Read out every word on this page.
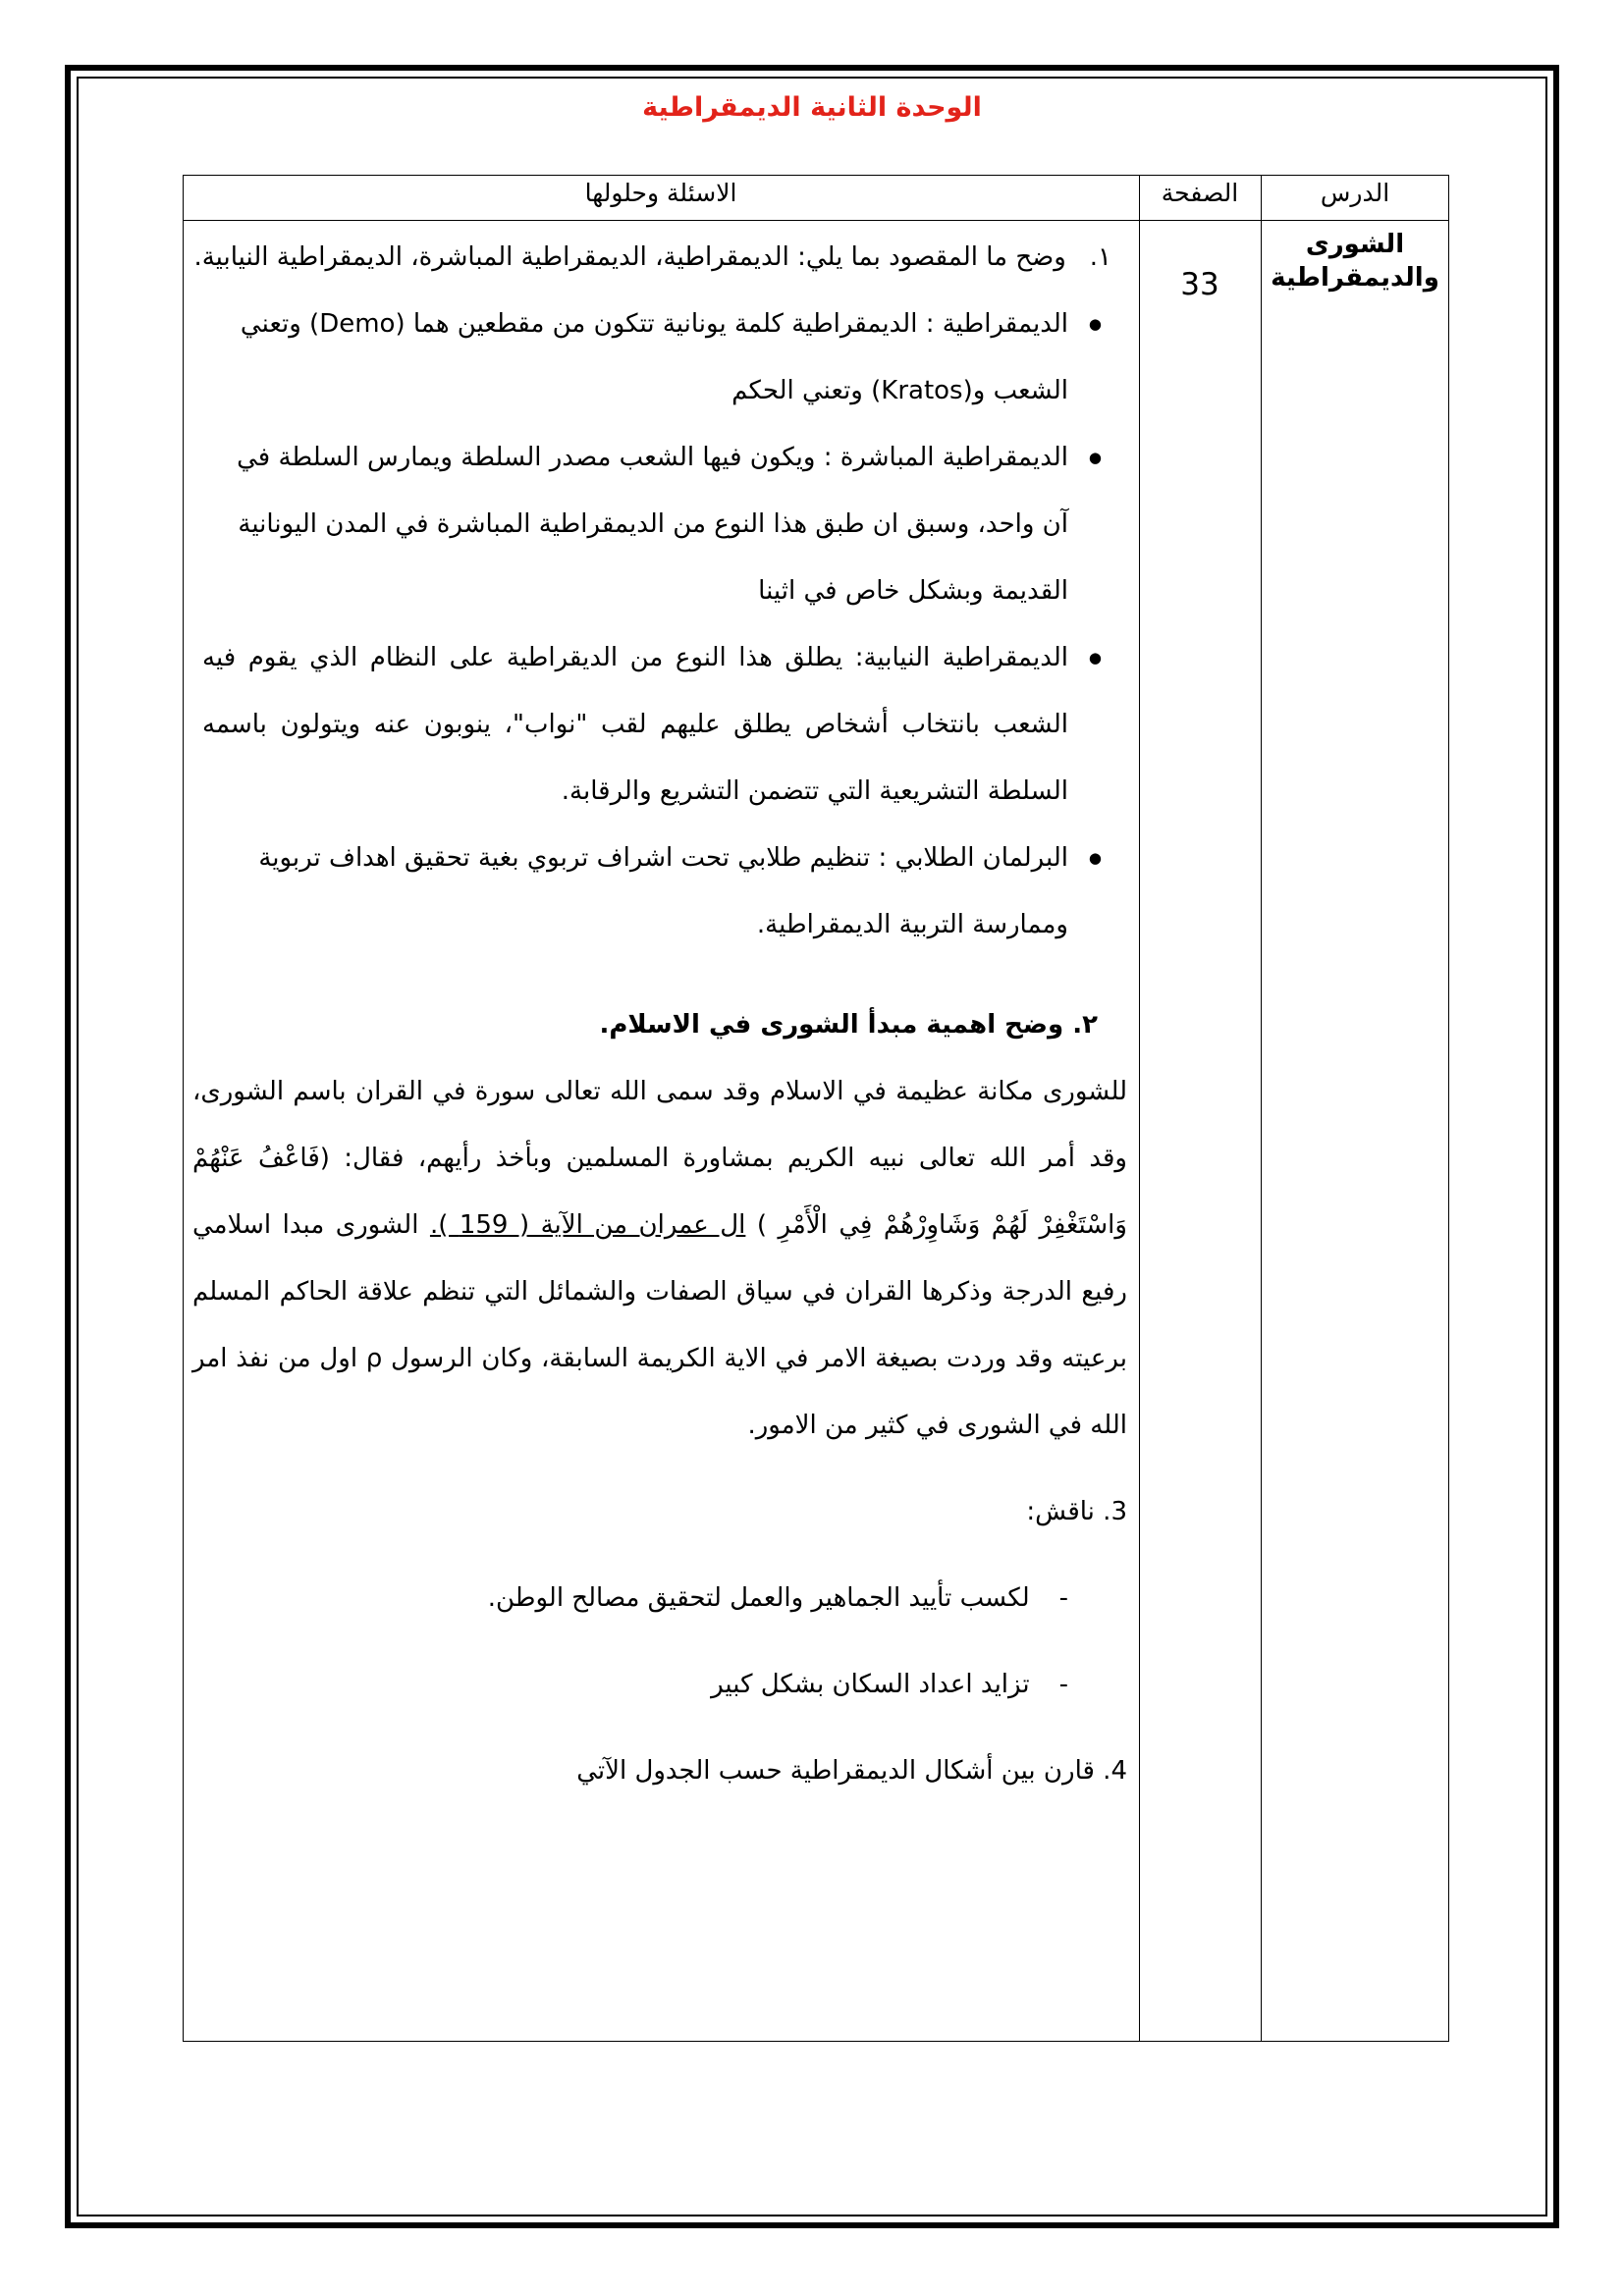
الوحدة الثانية الديمقراطية
الدرس
الصفحة
الاسئلة وحلولها
الشورى
والديمقراطية
33

١.وضح ما المقصود بما يلي: الديمقراطية، الديمقراطية المباشرة، الديمقراطية النيابية.

● الديمقراطية : الديمقراطية كلمة يونانية تتكون من مقطعين هما (Demo) وتعني الشعب و(Kratos) وتعني الحكم

● الديمقراطية المباشرة : ويكون فيها الشعب مصدر السلطة ويمارس السلطة في آن واحد، وسبق ان طبق هذا النوع من الديمقراطية المباشرة في المدن اليونانية القديمة وبشكل خاص في اثينا

● الديمقراطية النيابية: يطلق هذا النوع من الديقراطية على النظام الذي يقوم فيه الشعب بانتخاب أشخاص يطلق عليهم لقب "نواب"، ينوبون عنه ويتولون باسمه السلطة التشريعية التي تتضمن التشريع والرقابة.

● البرلمان الطلابي : تنظيم طلابي تحت اشراف تربوي بغية تحقيق اهداف تربوية وممارسة التربية الديمقراطية.

٢. وضح اهمية مبدأ الشورى في الاسلام.

للشورى مكانة عظيمة في الاسلام وقد سمى الله تعالى سورة في القران باسم الشورى، وقد أمر الله تعالى نبيه الكريم بمشاورة المسلمين وبأخذ رأيهم، فقال: (فَاعْفُ عَنْهُمْ وَاسْتَغْفِرْ لَهُمْ وَشَاوِرْهُمْ فِي الْأَمْرِ ) ال عمران من الآية ( 159 ). الشورى مبدا اسلامي رفيع الدرجة وذكرها القران في سياق الصفات والشمائل التي تنظم علاقة الحاكم المسلم برعيته وقد وردت بصيغة الامر في الاية الكريمة السابقة، وكان الرسول ρ اول من نفذ امر الله في الشورى في كثير من الامور.

3. ناقش:

-لكسب تأييد الجماهير والعمل لتحقيق مصالح الوطن.

-تزايد اعداد السكان بشكل كبير

4. قارن بين أشكال الديمقراطية حسب الجدول الآتي
